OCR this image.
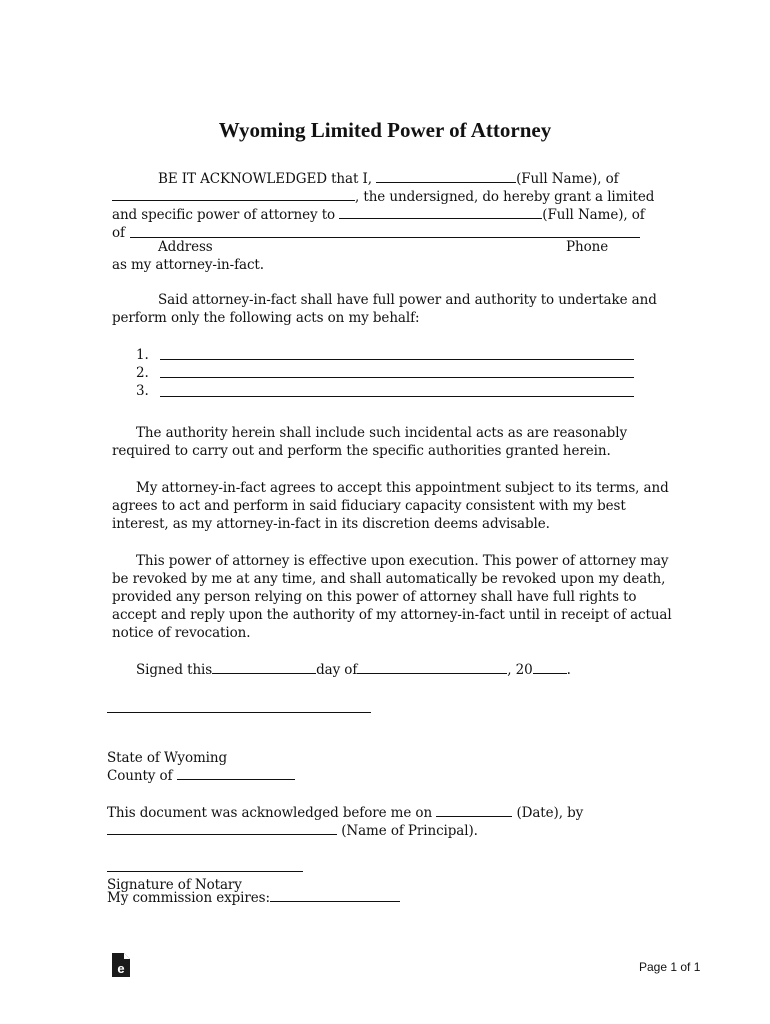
Wyoming Limited Power of Attorney
BE IT ACKNOWLEDGED that I,	(Full Name), of
, the undersigned, do hereby grant a limited
and specific power of attorney to	(Full Name), of
of
Address	Phone
as my attorney-in-fact.
Said attorney-in-fact shall have full power and authority to undertake and
perform only the following acts on my behalf:
1.
2.
3.
The authority herein shall include such incidental acts as are reasonably
required to carry out and perform the specific authorities granted herein.
My attorney-in-fact agrees to accept this appointment subject to its terms, and
agrees to act and perform in said fiduciary capacity consistent with my best
interest, as my attorney-in-fact in its discretion deems advisable.
This power of attorney is effective upon execution. This power of attorney may
be revoked by me at any time, and shall automatically be revoked upon my death,
provided any person relying on this power of attorney shall have full rights to
accept and reply upon the authority of my attorney-in-fact until in receipt of actual
notice of revocation.
Signed this	day of	, 20	.
State of Wyoming
County of
This document was acknowledged before me on	(Date), by
(Name of Principal).
Signature of Notary
My commission expires:
e	Page 1 of 1
